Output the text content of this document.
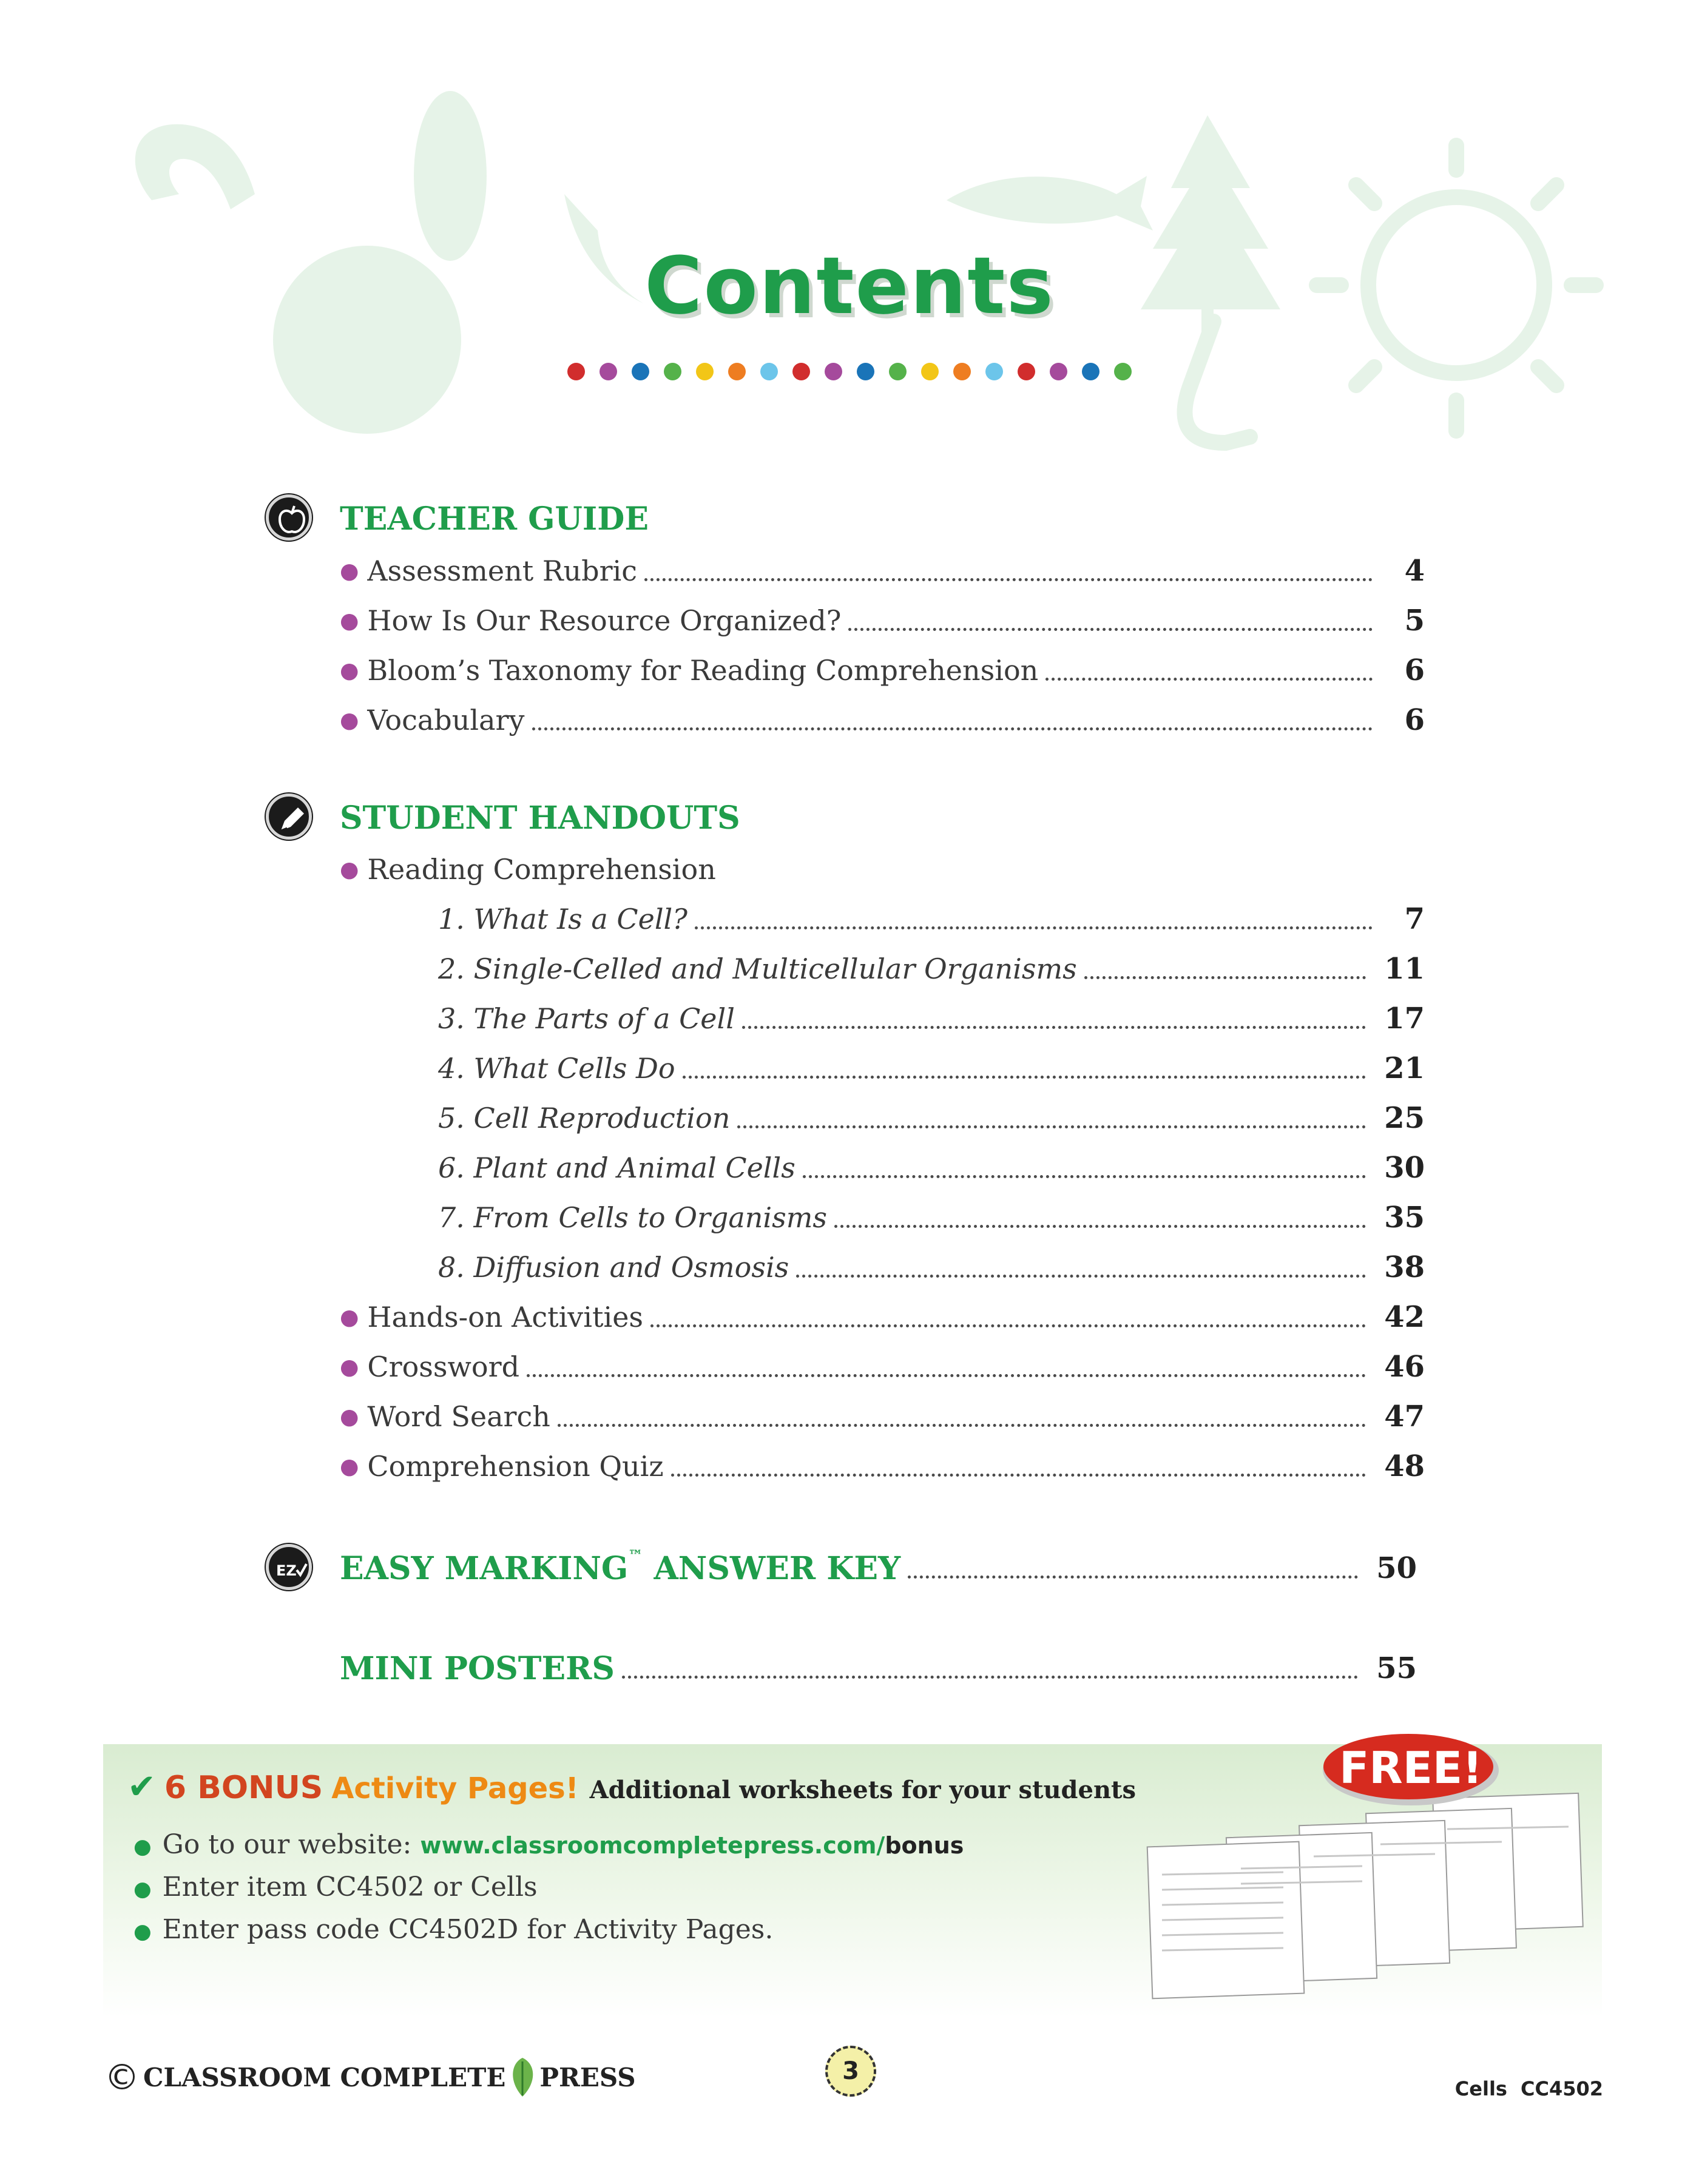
Contents
TEACHER GUIDE
● Assessment Rubric	4
● How Is Our Resource Organized?	5
● Bloom’s Taxonomy for Reading Comprehension	6
● Vocabulary	6
STUDENT HANDOUTS
● Reading Comprehension
1. What Is a Cell?	7
2. Single-Celled and Multicellular Organisms	11
3. The Parts of a Cell	17
4. What Cells Do	21
5. Cell Reproduction	25
6. Plant and Animal Cells	30
7. From Cells to Organisms	35
8. Diffusion and Osmosis	38
● Hands-on Activities	42
● Crossword	46
● Word Search	47
● Comprehension Quiz	48
EZ EASY MARKING™ ANSWER KEY	50
MINI POSTERS	55
✔ 6 BONUS Activity Pages! Additional worksheets for your students
● Go to our website: www.classroomcompletepress.com/bonus
● Enter item CC4502 or Cells
● Enter pass code CC4502D for Activity Pages.
FREE!
© CLASSROOM COMPLETE PRESS	3
Cells CC4502
